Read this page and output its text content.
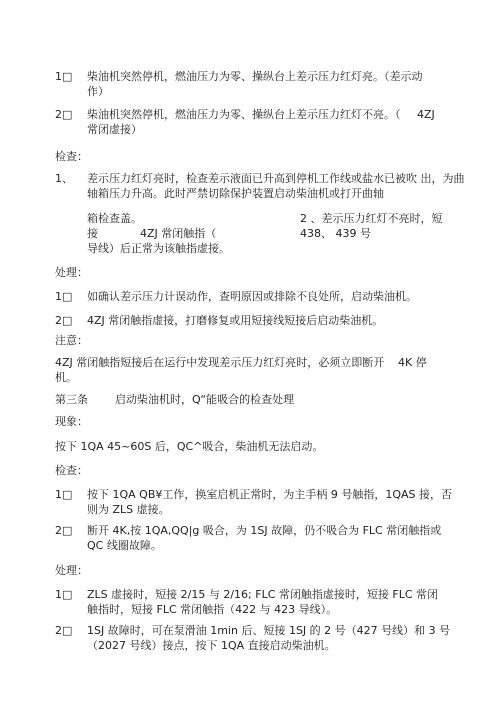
1□ 柴油机突然停机，燃油压力为零、操纵台上差示压力红灯亮。（差示动
作）
2□ 柴油机突然停机，燃油压力为零、操纵台上差示压力红灯不亮。（ 4ZJ
常闭虚接）
检查：
1、 差示压力红灯亮时，检查差示液面已升高到停机工作线或盐水已被吹 出，为曲
轴箱压力升高。此时严禁切除保护装置启动柴油机或打开曲轴
箱检查盖。	2 、差示压力红灯不亮时，短
接	4ZJ 常闭触指（	438、 439 号
导线）后正常为该触指虚接。
处理：
1□ 如确认差示压力计误动作，查明原因或排除不良处所，启动柴油机。
2□ 4ZJ 常闭触指虚接，打磨修复或用短接线短接后启动柴油机。
注意：
4ZJ 常闭触指短接后在运行中发现差示压力红灯亮时，必须立即断开 4K 停
机。
第三条 启动柴油机时，Q“能吸合的检查处理
现象：
按下 1QA 45~60S 后，QC^吸合，柴油机无法启动。
检查：
1□ 按下 1QA QB¥工作，换室启机正常时，为主手柄 9 号触指，1QAS 接，否
则为 ZLS 虚接。
2□ 断开 4K,按 1QA,QQ|g 吸合，为 1SJ 故障，仍不吸合为 FLC 常闭触指或
QC 线圈故障。
处理：
1□ ZLS 虚接时，短接 2/15 与 2/16; FLC 常闭触指虚接时，短接 FLC 常闭
触指时，短接 FLC 常闭触指（422 与 423 导线）。
2□ 1SJ 故障时，可在泵滑油 1min 后、短接 1SJ 的 2 号（427 号线）和 3 号
（2027 号线）接点，按下 1QA 直接启动柴油机。
